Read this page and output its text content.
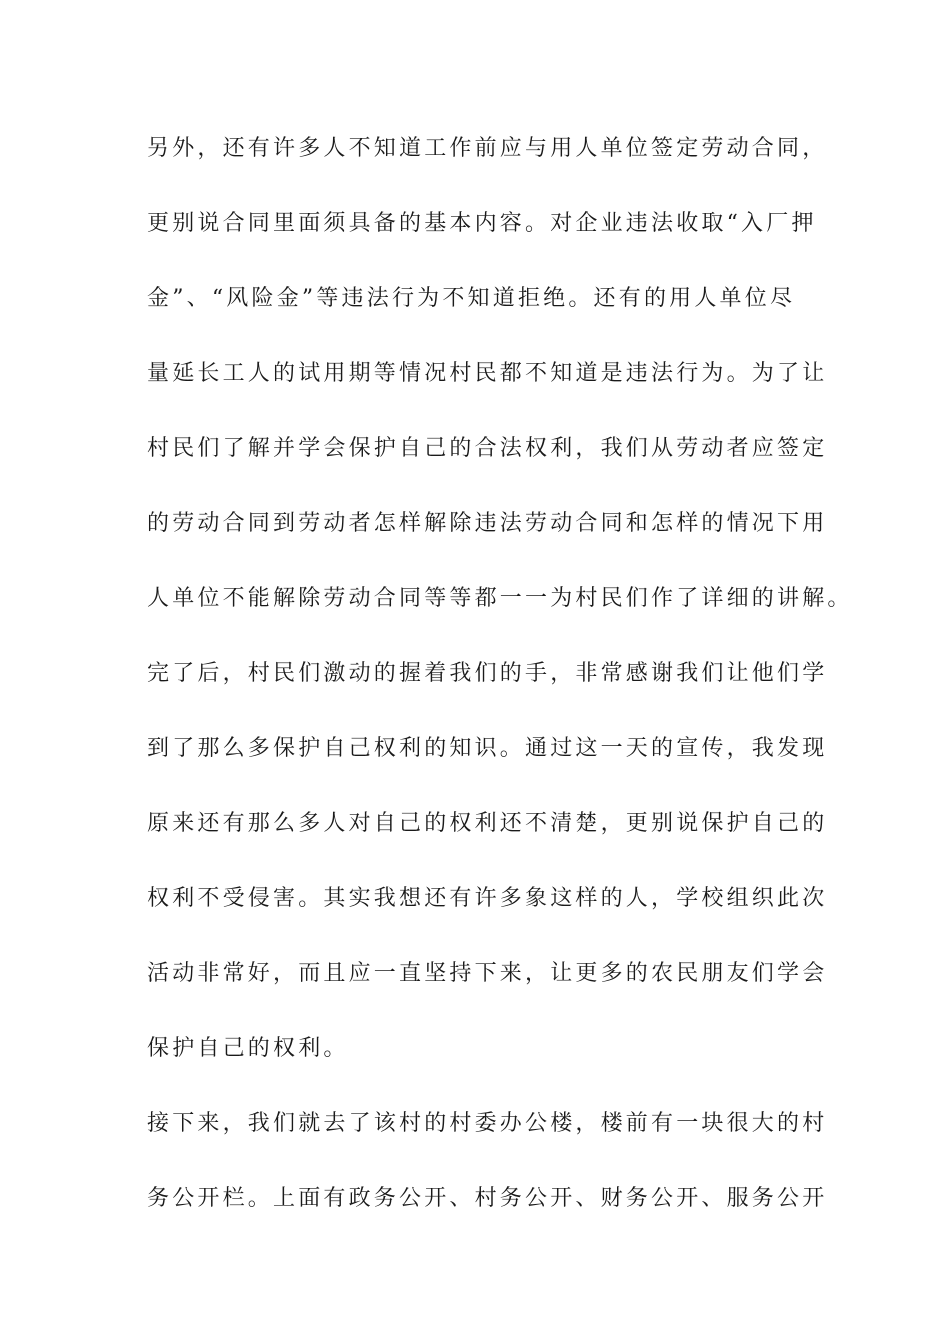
另外，还有许多人不知道工作前应与用人单位签定劳动合同，
更别说合同里面须具备的基本内容。对企业违法收取“入厂押
金”、“风险金”等违法行为不知道拒绝。还有的用人单位尽
量延长工人的试用期等情况村民都不知道是违法行为。为了让
村民们了解并学会保护自己的合法权利，我们从劳动者应签定
的劳动合同到劳动者怎样解除违法劳动合同和怎样的情况下用
人单位不能解除劳动合同等等都一一为村民们作了详细的讲解。
完了后，村民们激动的握着我们的手，非常感谢我们让他们学
到了那么多保护自己权利的知识。通过这一天的宣传，我发现
原来还有那么多人对自己的权利还不清楚，更别说保护自己的
权利不受侵害。其实我想还有许多象这样的人，学校组织此次
活动非常好，而且应一直坚持下来，让更多的农民朋友们学会
保护自己的权利。
接下来，我们就去了该村的村委办公楼，楼前有一块很大的村
务公开栏。上面有政务公开、村务公开、财务公开、服务公开
